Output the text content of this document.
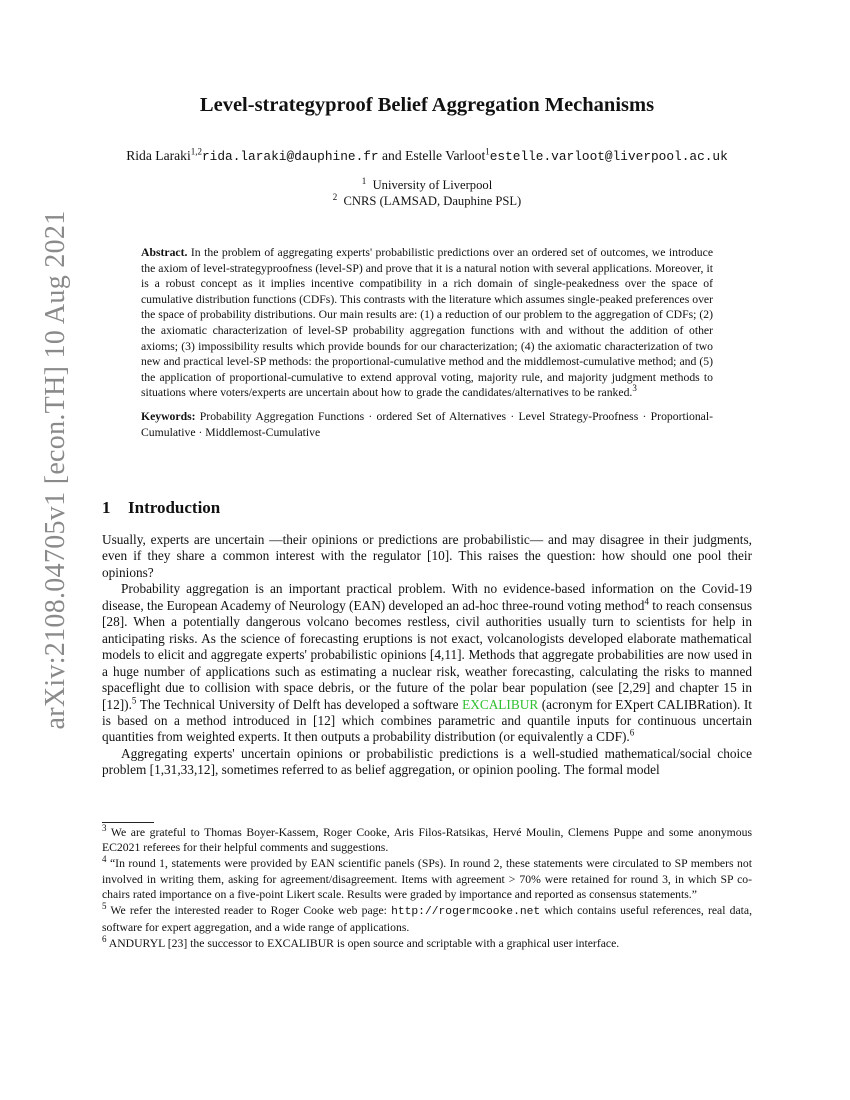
arXiv:2108.04705v1 [econ.TH] 10 Aug 2021
Level-strategyproof Belief Aggregation Mechanisms
Rida Laraki$^{1,2}$rida.laraki@dauphine.fr and Estelle Varloot$^1$estelle.varloot@liverpool.ac.uk
$^1$ University of Liverpool
$^2$ CNRS (LAMSAD, Dauphine PSL)

Abstract. In the problem of aggregating experts' probabilistic predictions over an ordered set of outcomes, we introduce the axiom of level-strategyproofness (level-SP) and prove that it is a natural notion with several applications. Moreover, it is a robust concept as it implies incentive compatibility in a rich domain of single-peakedness over the space of cumulative distribution functions (CDFs). This contrasts with the literature which assumes single-peaked preferences over the space of probability distributions. Our main results are: (1) a reduction of our problem to the aggregation of CDFs; (2) the axiomatic characterization of level-SP probability aggregation functions with and without the addition of other axioms; (3) impossibility results which provide bounds for our characterization; (4) the axiomatic characterization of two new and practical level-SP methods: the proportional-cumulative method and the middlemost-cumulative method; and (5) the application of proportional-cumulative to extend approval voting, majority rule, and majority judgment methods to situations where voters/experts are uncertain about how to grade the candidates/alternatives to be ranked.$^3$

Keywords: Probability Aggregation Functions · ordered Set of Alternatives · Level Strategy-Proofness · Proportional-Cumulative · Middlemost-Cumulative

1 Introduction

Usually, experts are uncertain —their opinions or predictions are probabilistic— and may disagree in their judgments, even if they share a common interest with the regulator [10]. This raises the question: how should one pool their opinions?

Probability aggregation is an important practical problem. With no evidence-based information on the Covid-19 disease, the European Academy of Neurology (EAN) developed an ad-hoc three-round voting method$^4$ to reach consensus [28]. When a potentially dangerous volcano becomes restless, civil authorities usually turn to scientists for help in anticipating risks. As the science of forecasting eruptions is not exact, volcanologists developed elaborate mathematical models to elicit and aggregate experts' probabilistic opinions [4,11]. Methods that aggregate probabilities are now used in a huge number of applications such as estimating a nuclear risk, weather forecasting, calculating the risks to manned spaceflight due to collision with space debris, or the future of the polar bear population (see [2,29] and chapter 15 in [12]).$^5$ The Technical University of Delft has developed a software EXCALIBUR (acronym for EXpert CALIBRation). It is based on a method introduced in [12] which combines parametric and quantile inputs for continuous uncertain quantities from weighted experts. It then outputs a probability distribution (or equivalently a CDF).$^6$

Aggregating experts' uncertain opinions or probabilistic predictions is a well-studied mathematical/social choice problem [1,31,33,12], sometimes referred to as belief aggregation, or opinion pooling. The formal model

$^3$ We are grateful to Thomas Boyer-Kassem, Roger Cooke, Aris Filos-Ratsikas, Hervé Moulin, Clemens Puppe and some anonymous EC2021 referees for their helpful comments and suggestions.

$^4$ “In round 1, statements were provided by EAN scientific panels (SPs). In round 2, these statements were circulated to SP members not involved in writing them, asking for agreement/disagreement. Items with agreement > 70% were retained for round 3, in which SP co-chairs rated importance on a five-point Likert scale. Results were graded by importance and reported as consensus statements.”

$^5$ We refer the interested reader to Roger Cooke web page: http://rogermcooke.net which contains useful references, real data, software for expert aggregation, and a wide range of applications.

$^6$ ANDURYL [23] the successor to EXCALIBUR is open source and scriptable with a graphical user interface.
